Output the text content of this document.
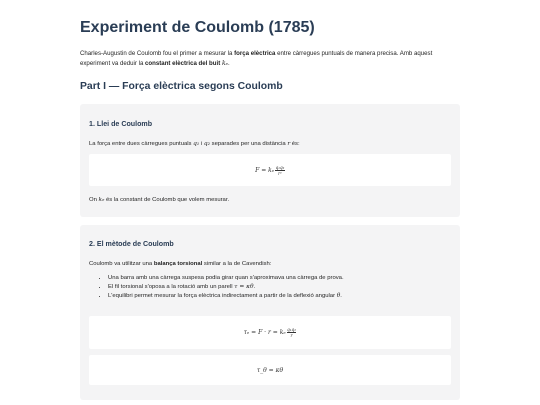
Experiment de Coulomb (1785)

Charles-Augustin de Coulomb fou el primer a mesurar la força elèctrica entre càrregues puntuals de manera precisa. Amb aquest experiment va deduir la constant elèctrica del buit kₑ.

Part I — Força elèctrica segons Coulomb
1. Llei de Coulomb

La força entre dues càrregues puntuals q₁ i q₂ separades per una distància r és:

F = kₑ $\frac{\text{q₁q₂}}{\text{r²}}$

On kₑ és la constant de Coulomb que volem mesurar.

2. El mètode de Coulomb

Coulomb va utilitzar una balança torsional similar a la de Cavendish:

• Una barra amb una càrrega suspesa podia girar quan s'aproximava una càrrega de prova.
• El fil torsional s'oposa a la rotació amb un parell τ = κθ.
• L'equilibri permet mesurar la força elèctrica indirectament a partir de la deflexió angular θ.
τₑ = F · r = kₑ $\frac{\text{q₁q₂}}{r}$
τ_θ = κθ
